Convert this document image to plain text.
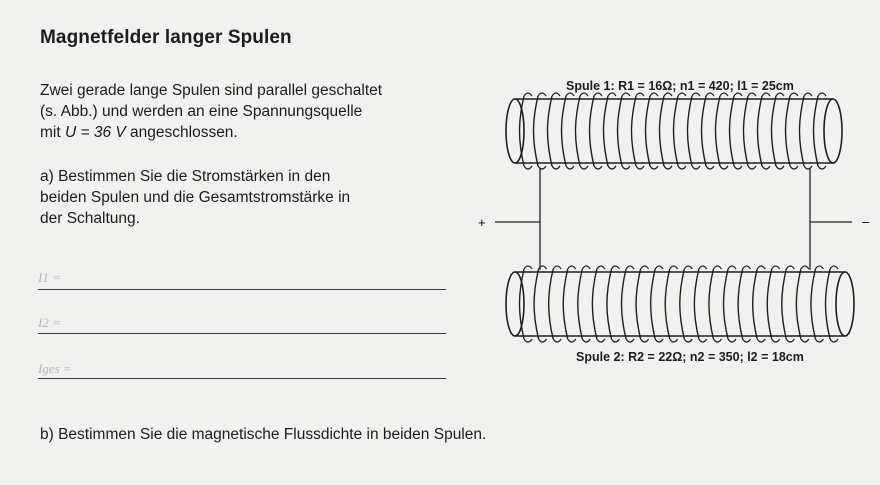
Magnetfelder langer Spulen
Zwei gerade lange Spulen sind parallel geschaltet
(s. Abb.) und werden an eine Spannungsquelle
mit U = 36 V angeschlossen.
a) Bestimmen Sie die Stromstärken in den
beiden Spulen und die Gesamtstromstärke in
der Schaltung.
I1 =
I2 =
Iges =
b) Bestimmen Sie die magnetische Flussdichte in beiden Spulen.
+	–
Spule 1: R1 = 16Ω; n1 = 420; l1 = 25cm
Spule 2: R2 = 22Ω; n2 = 350; l2 = 18cm
